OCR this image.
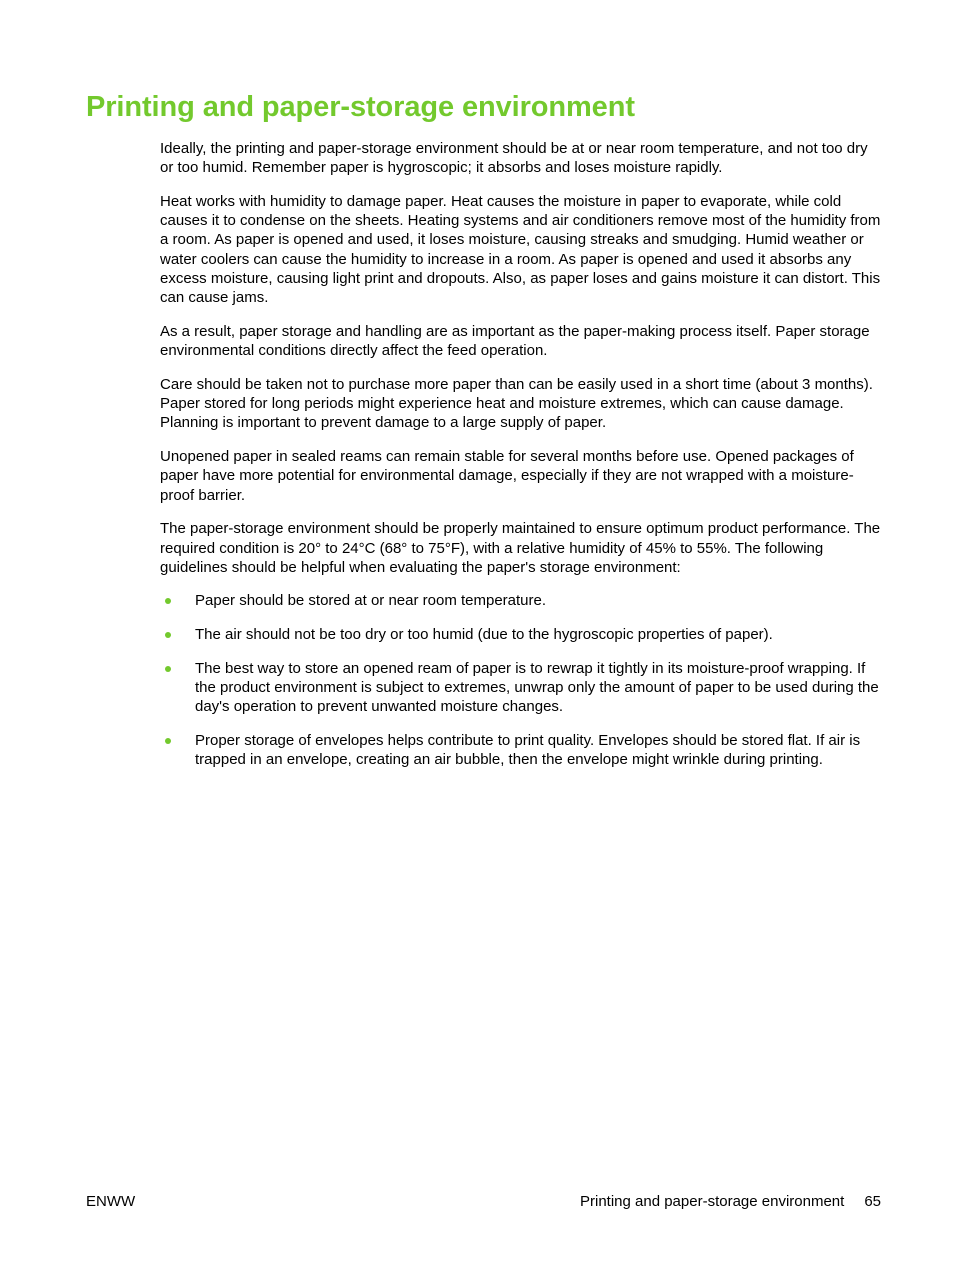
Printing and paper-storage environment

Ideally, the printing and paper-storage environment should be at or near room temperature, and not too dry or too humid. Remember paper is hygroscopic; it absorbs and loses moisture rapidly.

Heat works with humidity to damage paper. Heat causes the moisture in paper to evaporate, while cold causes it to condense on the sheets. Heating systems and air conditioners remove most of the humidity from a room. As paper is opened and used, it loses moisture, causing streaks and smudging. Humid weather or water coolers can cause the humidity to increase in a room. As paper is opened and used it absorbs any excess moisture, causing light print and dropouts. Also, as paper loses and gains moisture it can distort. This can cause jams.

As a result, paper storage and handling are as important as the paper-making process itself. Paper storage environmental conditions directly affect the feed operation.

Care should be taken not to purchase more paper than can be easily used in a short time (about 3 months). Paper stored for long periods might experience heat and moisture extremes, which can cause damage. Planning is important to prevent damage to a large supply of paper.

Unopened paper in sealed reams can remain stable for several months before use. Opened packages of paper have more potential for environmental damage, especially if they are not wrapped with a moisture-proof barrier.

The paper-storage environment should be properly maintained to ensure optimum product performance. The required condition is 20° to 24°C (68° to 75°F), with a relative humidity of 45% to 55%. The following guidelines should be helpful when evaluating the paper's storage environment:

Paper should be stored at or near room temperature.
The air should not be too dry or too humid (due to the hygroscopic properties of paper).
The best way to store an opened ream of paper is to rewrap it tightly in its moisture-proof wrapping. If the product environment is subject to extremes, unwrap only the amount of paper to be used during the day's operation to prevent unwanted moisture changes.
Proper storage of envelopes helps contribute to print quality. Envelopes should be stored flat. If air is trapped in an envelope, creating an air bubble, then the envelope might wrinkle during printing.
ENWW	Printing and paper-storage environment 65
